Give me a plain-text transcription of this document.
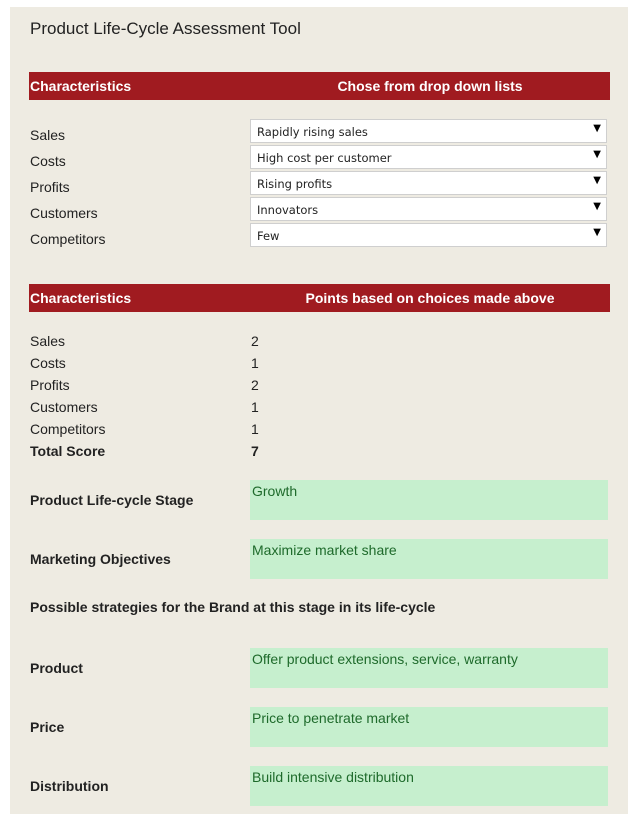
Product Life-Cycle Assessment Tool
Characteristics	Chose from drop down lists
Sales	Rapidly rising sales	▼
Costs	High cost per customer	▼
Profits	Rising profits	▼
Customers	Innovators	▼
Competitors	Few	▼
Characteristics	Points based on choices made above
Sales	2
Costs	1
Profits	2
Customers	1
Competitors	1
Total Score	7
Product Life-cycle Stage
Growth
Marketing Objectives
Maximize market share
Possible strategies for the Brand at this stage in its life-cycle
Product
Offer product extensions, service, warranty
Price
Price to penetrate market
Distribution
Build intensive distribution
